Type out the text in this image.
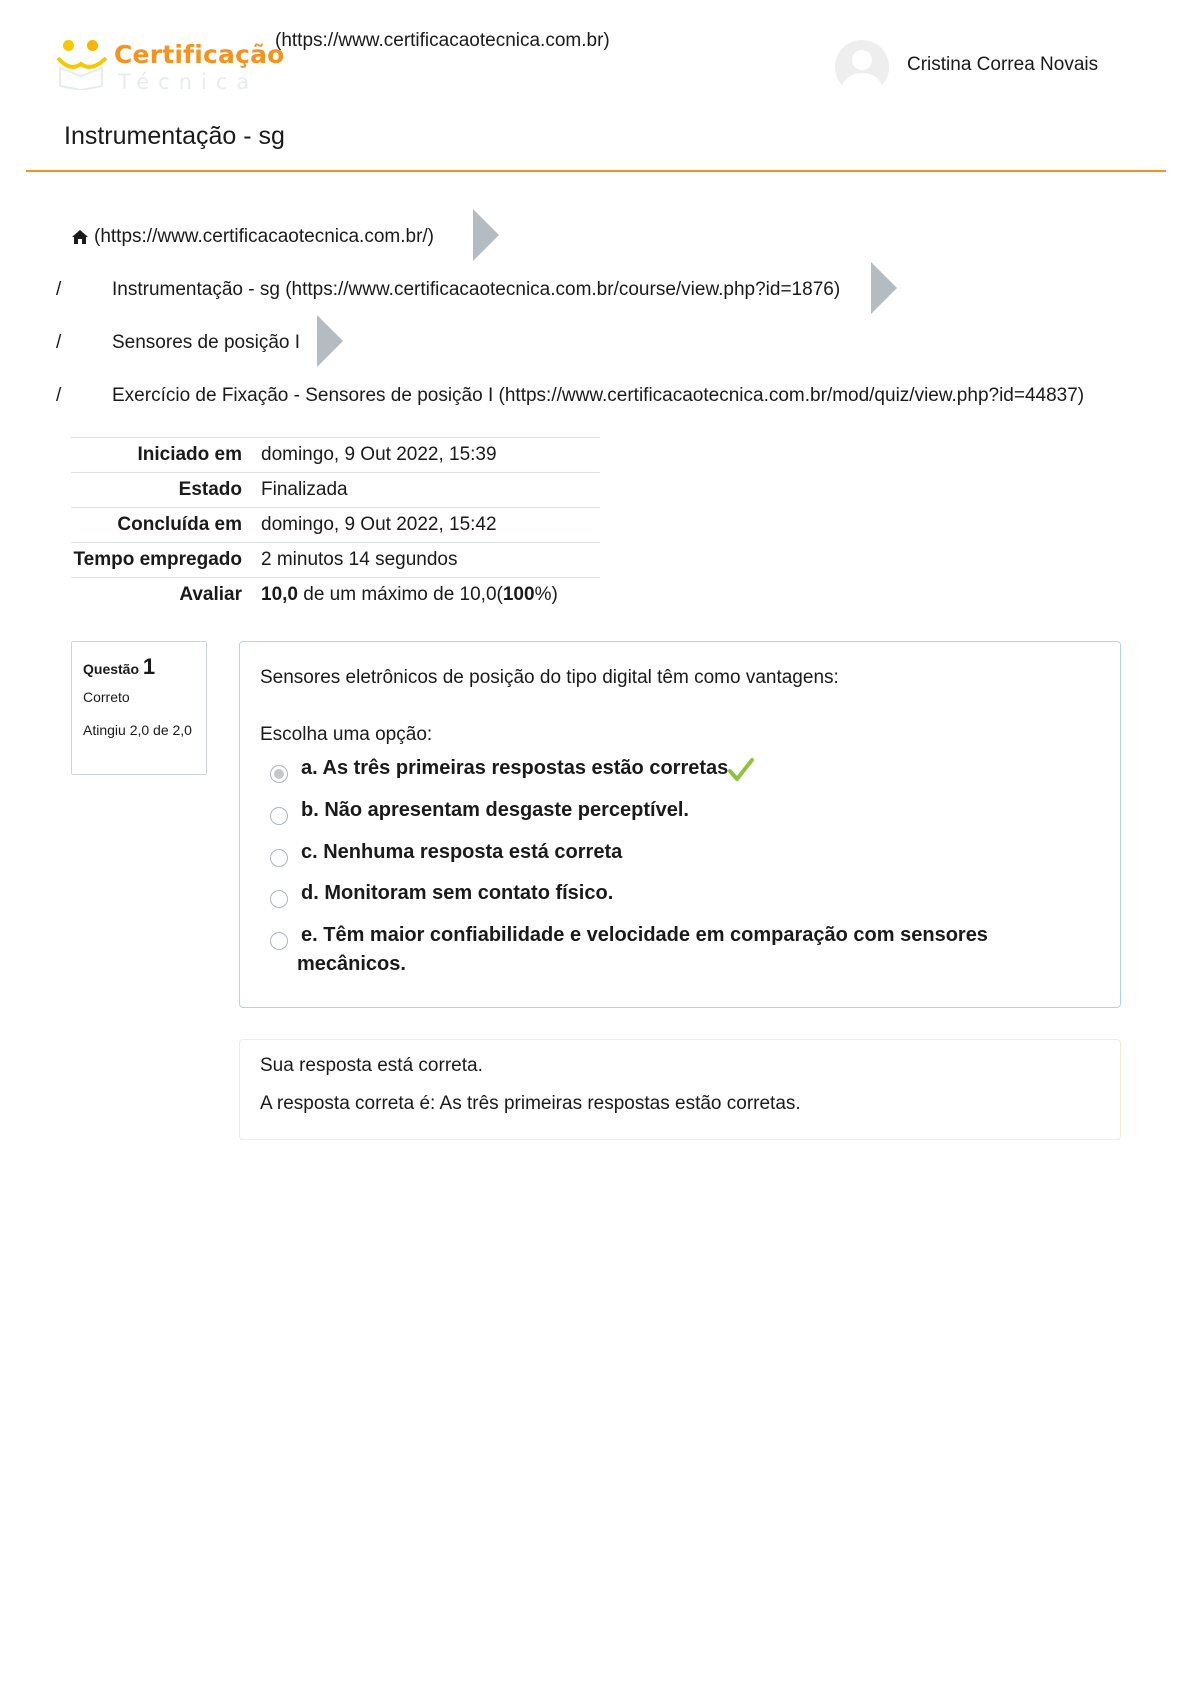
Certificação
Técnica
(https://www.certificacaotecnica.com.br)
Cristina Correa Novais
Instrumentação - sg
(https://www.certificacaotecnica.com.br/)
/	Instrumentação - sg (https://www.certificacaotecnica.com.br/course/view.php?id=1876)
/	Sensores de posição I
/	Exercício de Fixação - Sensores de posição I (https://www.certificacaotecnica.com.br/mod/quiz/view.php?id=44837)
Iniciado em	domingo, 9 Out 2022, 15:39
Estado	Finalizada
Concluída em	domingo, 9 Out 2022, 15:42
Tempo empregado	2 minutos 14 segundos
Avaliar	10,0 de um máximo de 10,0(100%)
Questão 1
Correto
Atingiu 2,0 de 2,0
Sensores eletrônicos de posição do tipo digital têm como vantagens:
Escolha uma opção:
a. As três primeiras respostas estão corretas
b. Não apresentam desgaste perceptível.
c. Nenhuma resposta está correta
d. Monitoram sem contato físico.
e. Têm maior confiabilidade e velocidade em comparação com sensores
mecânicos.
Sua resposta está correta.
A resposta correta é: As três primeiras respostas estão corretas.
